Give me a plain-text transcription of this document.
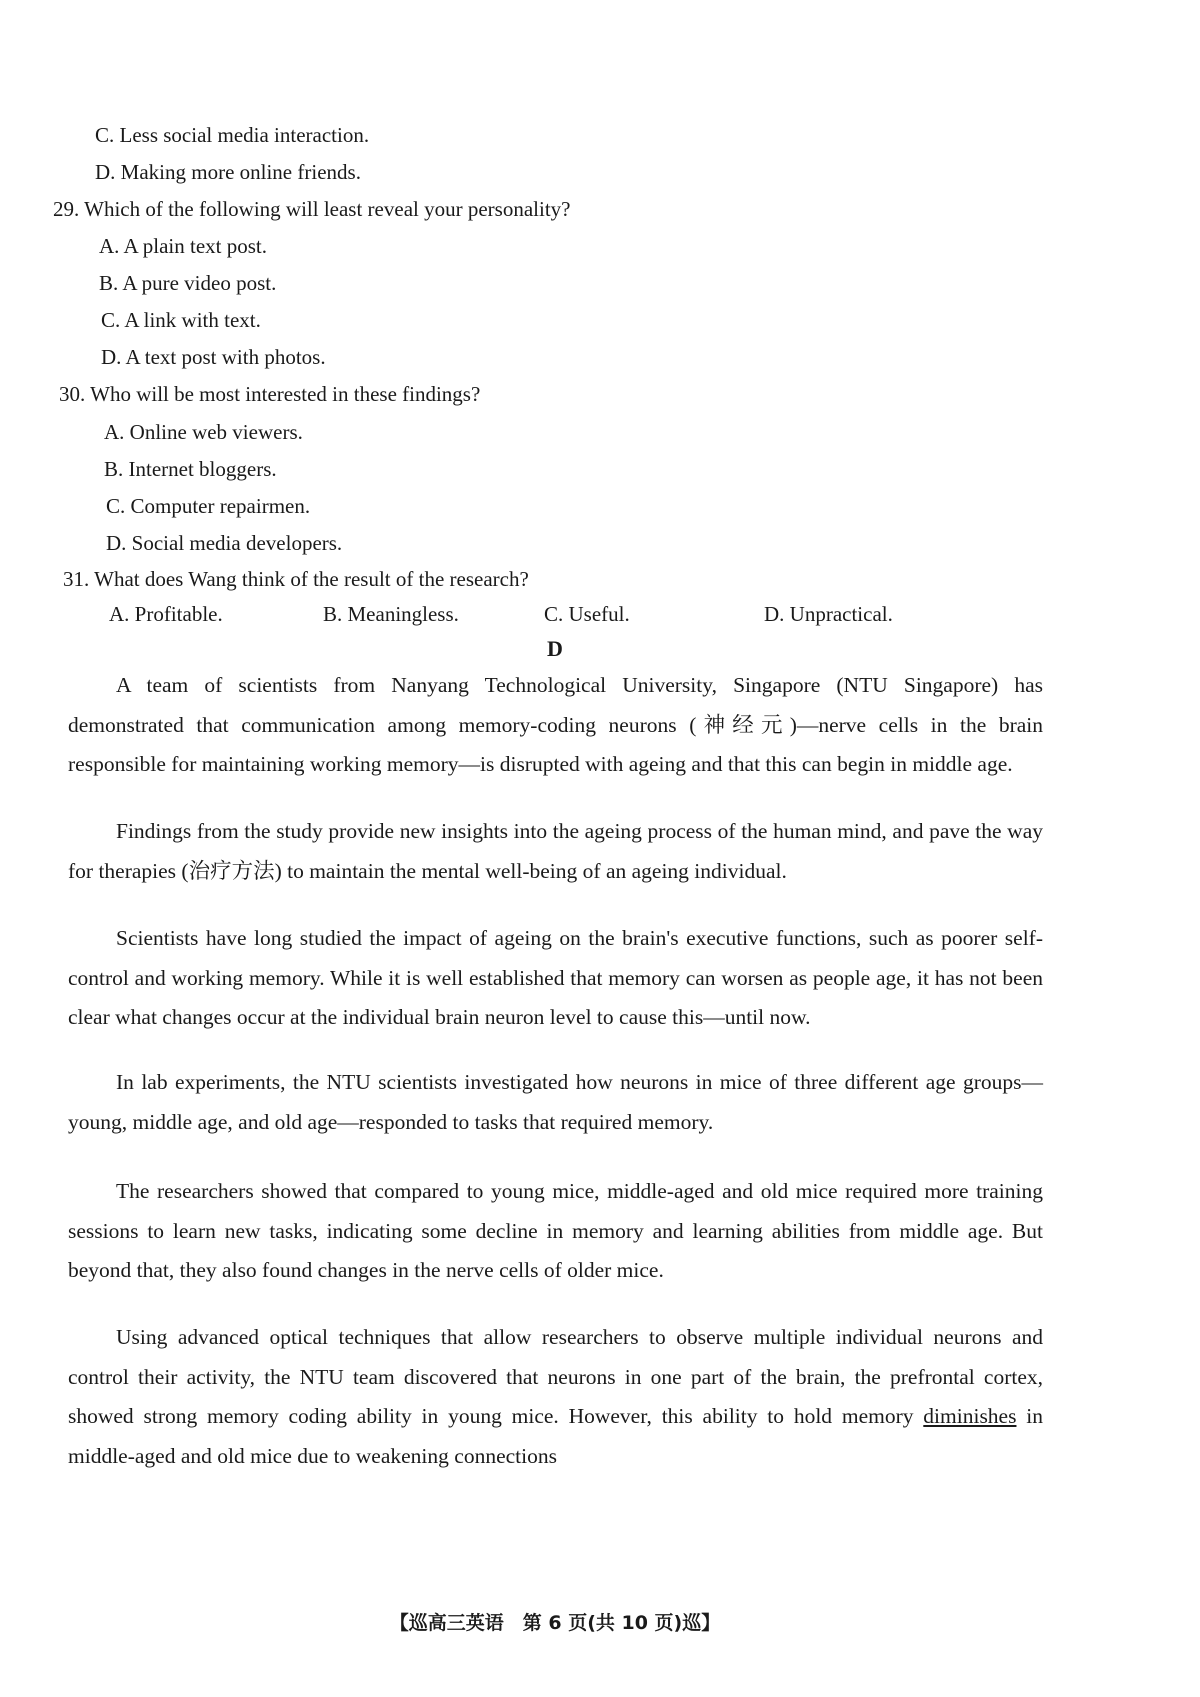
C. Less social media interaction.
D. Making more online friends.
29. Which of the following will least reveal your personality?
A. A plain text post.
B. A pure video post.
C. A link with text.
D. A text post with photos.
30. Who will be most interested in these findings?
A. Online web viewers.
B. Internet bloggers.
C. Computer repairmen.
D. Social media developers.
31. What does Wang think of the result of the research?
A. Profitable.	B. Meaningless.	C. Useful.	D. Unpractical.
D
A team of scientists from Nanyang Technological University, Singapore (NTU Singapore) has demonstrated that communication among memory-coding neurons (神经元)—nerve cells in the brain responsible for maintaining working memory—is disrupted with ageing and that this can begin in middle age.
Findings from the study provide new insights into the ageing process of the human mind, and pave the way for therapies (治疗方法) to maintain the mental well-being of an ageing individual.
Scientists have long studied the impact of ageing on the brain's executive functions, such as poorer self-control and working memory. While it is well established that memory can worsen as people age, it has not been clear what changes occur at the individual brain neuron level to cause this—until now.
In lab experiments, the NTU scientists investigated how neurons in mice of three different age groups—young, middle age, and old age—responded to tasks that required memory.
The researchers showed that compared to young mice, middle-aged and old mice required more training sessions to learn new tasks, indicating some decline in memory and learning abilities from middle age. But beyond that, they also found changes in the nerve cells of older mice.
Using advanced optical techniques that allow researchers to observe multiple individual neurons and control their activity, the NTU team discovered that neurons in one part of the brain, the prefrontal cortex, showed strong memory coding ability in young mice. However, this ability to hold memory diminishes in middle-aged and old mice due to weakening connections
【巡高三英语　第 6 页(共 10 页)巡】
